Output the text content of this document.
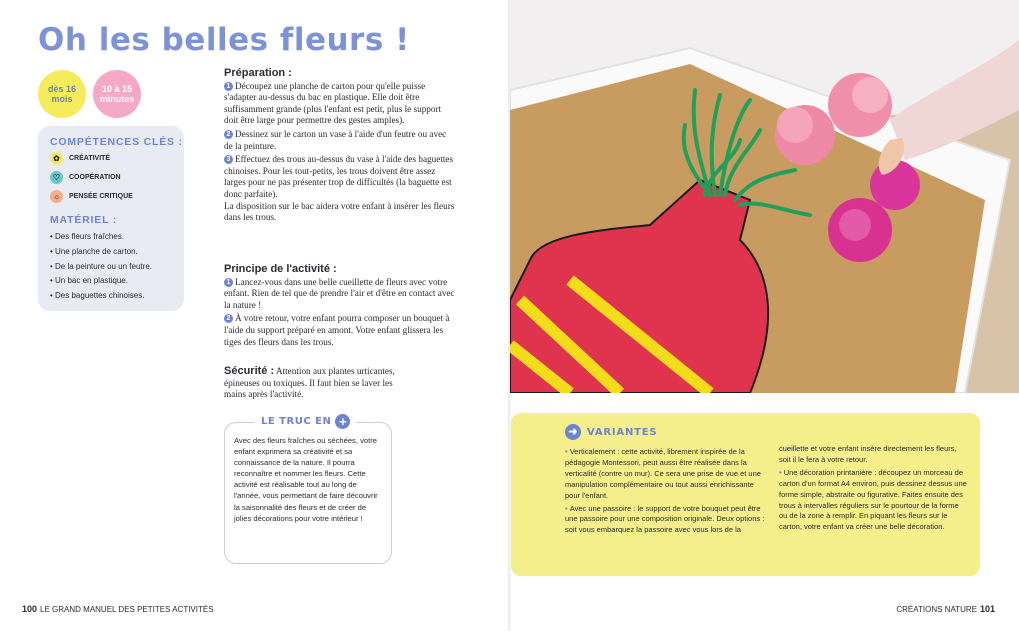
Oh les belles fleurs !
dès 16 mois
10 à 15 minutes
COMPÉTENCES CLÉS :
✿	CRÉATIVITÉ
♡	COOPÉRATION
☼	PENSÉE CRITIQUE
MATÉRIEL :
• Des fleurs fraîches.
• Une planche de carton.
• De la peinture ou un feutre.
• Un bac en plastique.
• Des baguettes chinoises.
Préparation :

1 Découpez une planche de carton pour qu'elle puisse s'adapter au-dessus du bac en plastique. Elle doit être suffisamment grande (plus l'enfant est petit, plus le support doit être large pour permettre des gestes amples).

2 Dessinez sur le carton un vase à l'aide d'un feutre ou avec de la peinture.

3 Effectuez des trous au-dessus du vase à l'aide des baguettes chinoises. Pour les tout-petits, les trous doivent être assez larges pour ne pas présenter trop de difficultés (la baguette est donc parfaite).

La disposition sur le bac aidera votre enfant à insérer les fleurs dans les trous.

Principe de l'activité :

1 Lancez-vous dans une belle cueillette de fleurs avec votre enfant. Rien de tel que de prendre l'air et d'être en contact avec la nature !

2 À votre retour, votre enfant pourra composer un bouquet à l'aide du support préparé en amont. Votre enfant glissera les tiges des fleurs dans les trous.

Sécurité : Attention aux plantes urticantes, épineuses ou toxiques. Il faut bien se laver les mains après l'activité.

LE TRUC EN +
Avec des fleurs fraîches ou séchées, votre enfant exprimera sa créativité et sa connaissance de la nature. Il pourra reconnaître et nommer les fleurs. Cette activité est réalisable tout au long de l'année, vous permettant de faire découvrir la saisonnalité des fleurs et de créer de jolies décorations pour votre intérieur !
➜ VARIANTES

• Verticalement : cette activité, librement inspirée de la pédagogie Montessori, peut aussi être réalisée dans la verticalité (contre un mur). Ce sera une prise de vue et une manipulation complémentaire ou tout aussi enrichissante pour l'enfant.

• Avec une passoire : le support de votre bouquet peut être une passoire pour une composition originale. Deux options : soit vous embarquez la passoire avec vous lors de la

cueillette et votre enfant insère directement les fleurs, soit il le fera à votre retour.

• Une décoration printanière : découpez un morceau de carton d'un format A4 environ, puis dessinez dessus une forme simple, abstraite ou figurative. Faites ensuite des trous à intervalles réguliers sur le pourtour de la forme ou de la zone à remplir. En piquant les fleurs sur le carton, votre enfant va créer une belle décoration.

100 LE GRAND MANUEL DES PETITES ACTIVITÉS	CRÉATIONS NATURE 101
